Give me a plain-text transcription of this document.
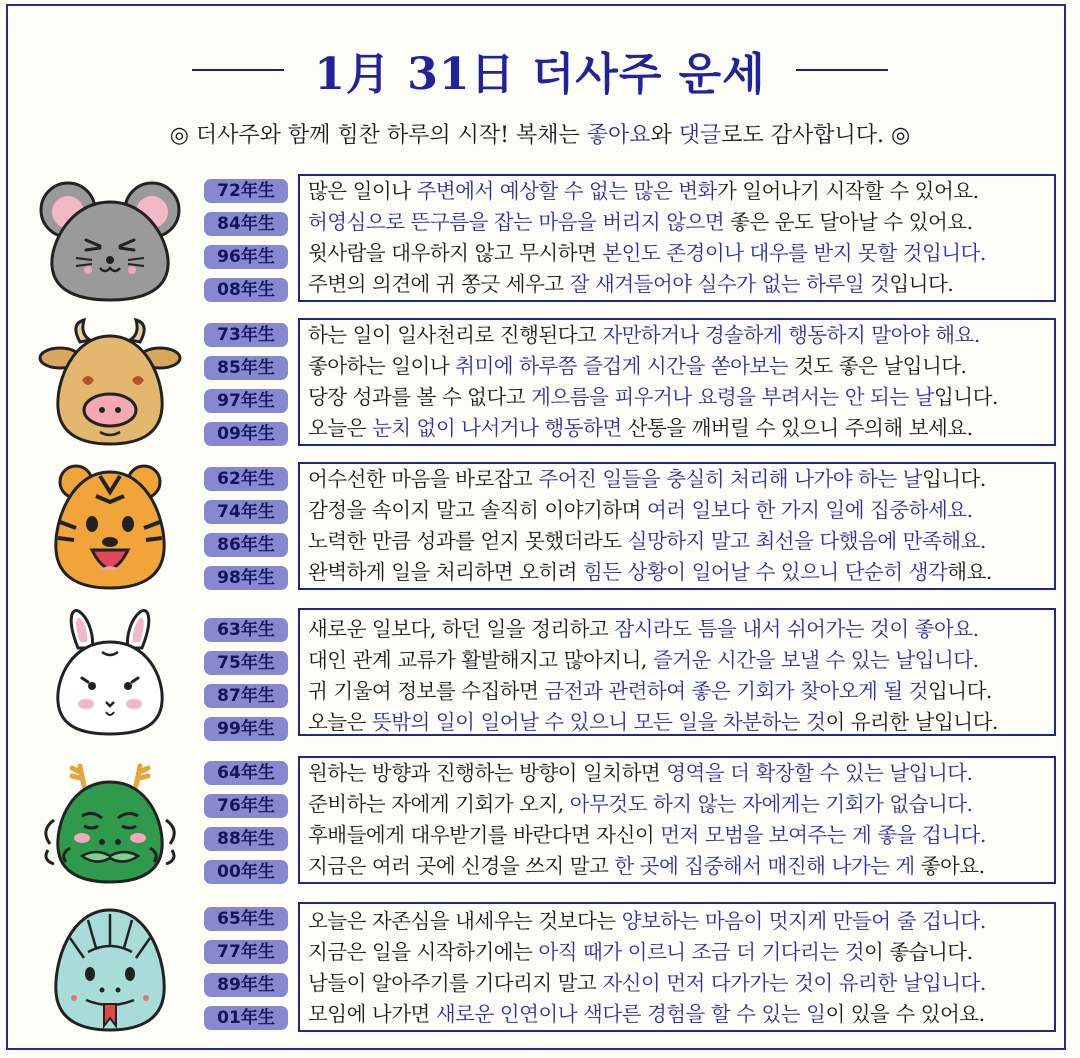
1月 31日 더사주 운세
◎ 더사주와 함께 힘찬 하루의 시작! 복채는 좋아요와 댓글로도 감사합니다. ◎
72年生
84年生
96年生
08年生
많은 일이나 주변에서 예상할 수 없는 많은 변화가 일어나기 시작할 수 있어요.
허영심으로 뜬구름을 잡는 마음을 버리지 않으면 좋은 운도 달아날 수 있어요.
윗사람을 대우하지 않고 무시하면 본인도 존경이나 대우를 받지 못할 것입니다.
주변의 의견에 귀 쫑긋 세우고 잘 새겨들어야 실수가 없는 하루일 것입니다.
73年生
85年生
97年生
09年生
하는 일이 일사천리로 진행된다고 자만하거나 경솔하게 행동하지 말아야 해요.
좋아하는 일이나 취미에 하루쯤 즐겁게 시간을 쏟아보는 것도 좋은 날입니다.
당장 성과를 볼 수 없다고 게으름을 피우거나 요령을 부려서는 안 되는 날입니다.
오늘은 눈치 없이 나서거나 행동하면 산통을 깨버릴 수 있으니 주의해 보세요.
62年生
74年生
86年生
98年生
어수선한 마음을 바로잡고 주어진 일들을 충실히 처리해 나가야 하는 날입니다.
감정을 속이지 말고 솔직히 이야기하며 여러 일보다 한 가지 일에 집중하세요.
노력한 만큼 성과를 얻지 못했더라도 실망하지 말고 최선을 다했음에 만족해요.
완벽하게 일을 처리하면 오히려 힘든 상황이 일어날 수 있으니 단순히 생각해요.
63年生
75年生
87年生
99年生
새로운 일보다, 하던 일을 정리하고 잠시라도 틈을 내서 쉬어가는 것이 좋아요.
대인 관계 교류가 활발해지고 많아지니, 즐거운 시간을 보낼 수 있는 날입니다.
귀 기울여 정보를 수집하면 금전과 관련하여 좋은 기회가 찾아오게 될 것입니다.
오늘은 뜻밖의 일이 일어날 수 있으니 모든 일을 차분하는 것이 유리한 날입니다.
64年生
76年生
88年生
00年生
원하는 방향과 진행하는 방향이 일치하면 영역을 더 확장할 수 있는 날입니다.
준비하는 자에게 기회가 오지, 아무것도 하지 않는 자에게는 기회가 없습니다.
후배들에게 대우받기를 바란다면 자신이 먼저 모범을 보여주는 게 좋을 겁니다.
지금은 여러 곳에 신경을 쓰지 말고 한 곳에 집중해서 매진해 나가는 게 좋아요.
65年生
77年生
89年生
01年生
오늘은 자존심을 내세우는 것보다는 양보하는 마음이 멋지게 만들어 줄 겁니다.
지금은 일을 시작하기에는 아직 때가 이르니 조금 더 기다리는 것이 좋습니다.
남들이 알아주기를 기다리지 말고 자신이 먼저 다가가는 것이 유리한 날입니다.
모임에 나가면 새로운 인연이나 색다른 경험을 할 수 있는 일이 있을 수 있어요.
